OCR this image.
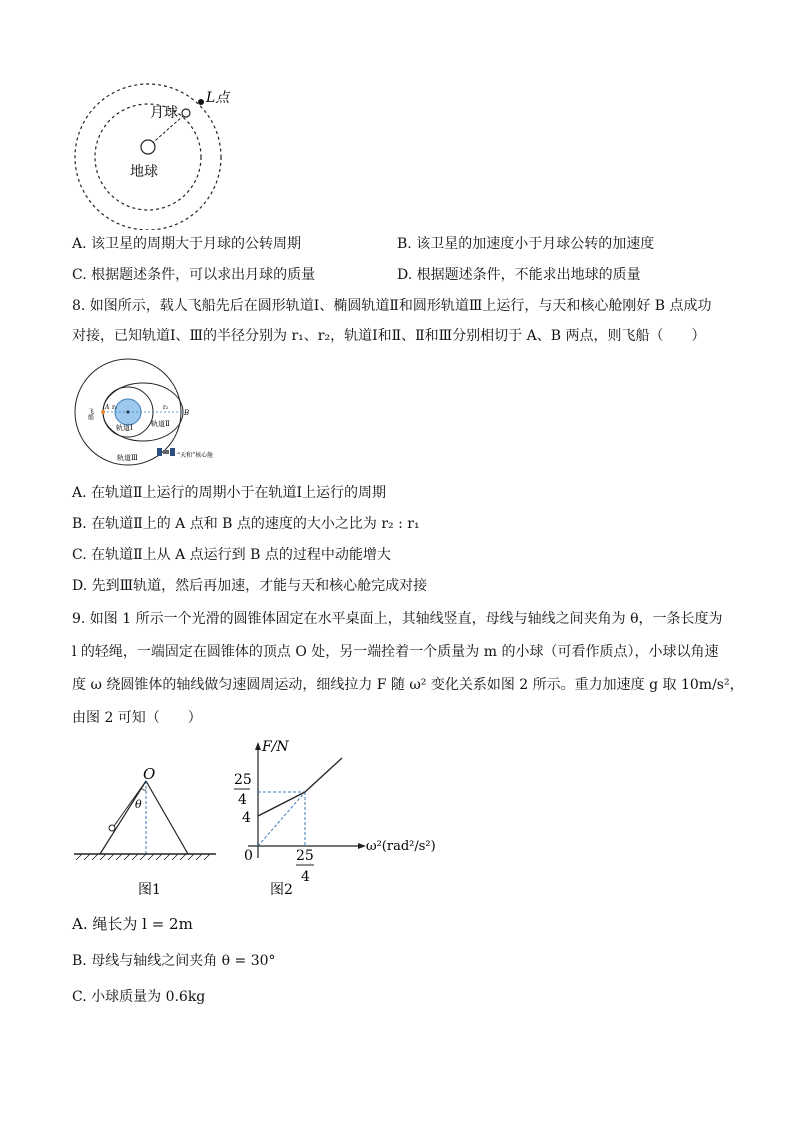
月球
地球
L点
A. 该卫星的周期大于月球的公转周期	B. 该卫星的加速度小于月球公转的加速度
C. 根据题述条件，可以求出月球的质量	D. 根据题述条件，不能求出地球的质量
8. 如图所示，载人飞船先后在圆形轨道Ⅰ、椭圆轨道Ⅱ和圆形轨道Ⅲ上运行，与天和核心舱刚好 B 点成功
对接，已知轨道Ⅰ、Ⅲ的半径分别为 r₁、r₂，轨道Ⅰ和Ⅱ、Ⅱ和Ⅲ分别相切于 A、B 两点，则飞船（　　）
飞船
A
B
r₁	r₂
轨道Ⅰ	轨道Ⅱ
轨道Ⅲ	“天和”核心舱
A. 在轨道Ⅱ上运行的周期小于在轨道Ⅰ上运行的周期
B. 在轨道Ⅱ上的 A 点和 B 点的速度的大小之比为 r₂ : r₁
C. 在轨道Ⅱ上从 A 点运行到 B 点的过程中动能增大
D. 先到Ⅲ轨道，然后再加速，才能与天和核心舱完成对接
9. 如图 1 所示一个光滑的圆锥体固定在水平桌面上，其轴线竖直，母线与轴线之间夹角为 θ，一条长度为
l 的轻绳，一端固定在圆锥体的顶点 O 处，另一端拴着一个质量为 m 的小球（可看作质点），小球以角速
度 ω 绕圆锥体的轴线做匀速圆周运动，细线拉力 F 随 ω² 变化关系如图 2 所示。重力加速度 g 取 10m/s²，
由图 2 可知（　　）
O
θ
图1
F/N
25
4
4
0	25
4
ω²(rad²/s²)
图2
A. 绳长为 l = 2m
B. 母线与轴线之间夹角 θ = 30°
C. 小球质量为 0.6kg
